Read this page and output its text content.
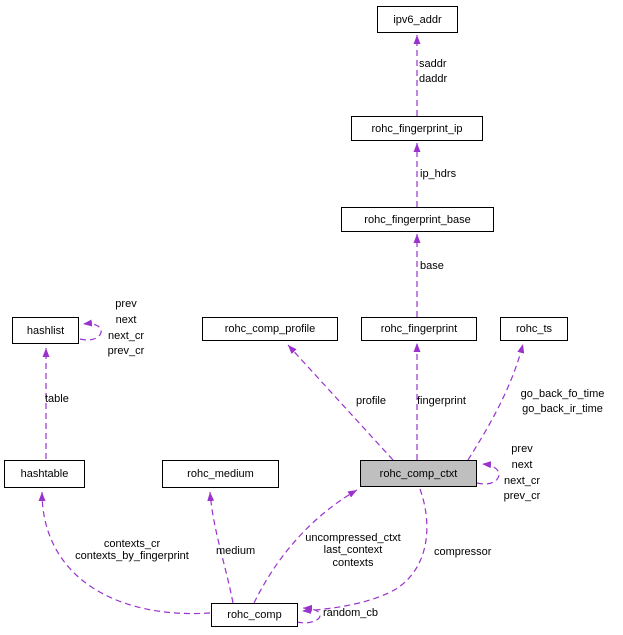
ipv6_addr
rohc_fingerprint_ip
rohc_fingerprint_base
hashlist	rohc_comp_profile	rohc_fingerprint	rohc_ts
hashtable	rohc_medium	rohc_comp_ctxt
rohc_comp
saddr
daddr
ip_hdrs
base
prev
next
next_cr
prev_cr
table	profile	fingerprint
go_back_fo_time
go_back_ir_time
prev
next
next_cr
prev_cr
contexts_cr
contexts_by_fingerprint	medium
uncompressed_ctxt
last_context
contexts
compressor
random_cb
